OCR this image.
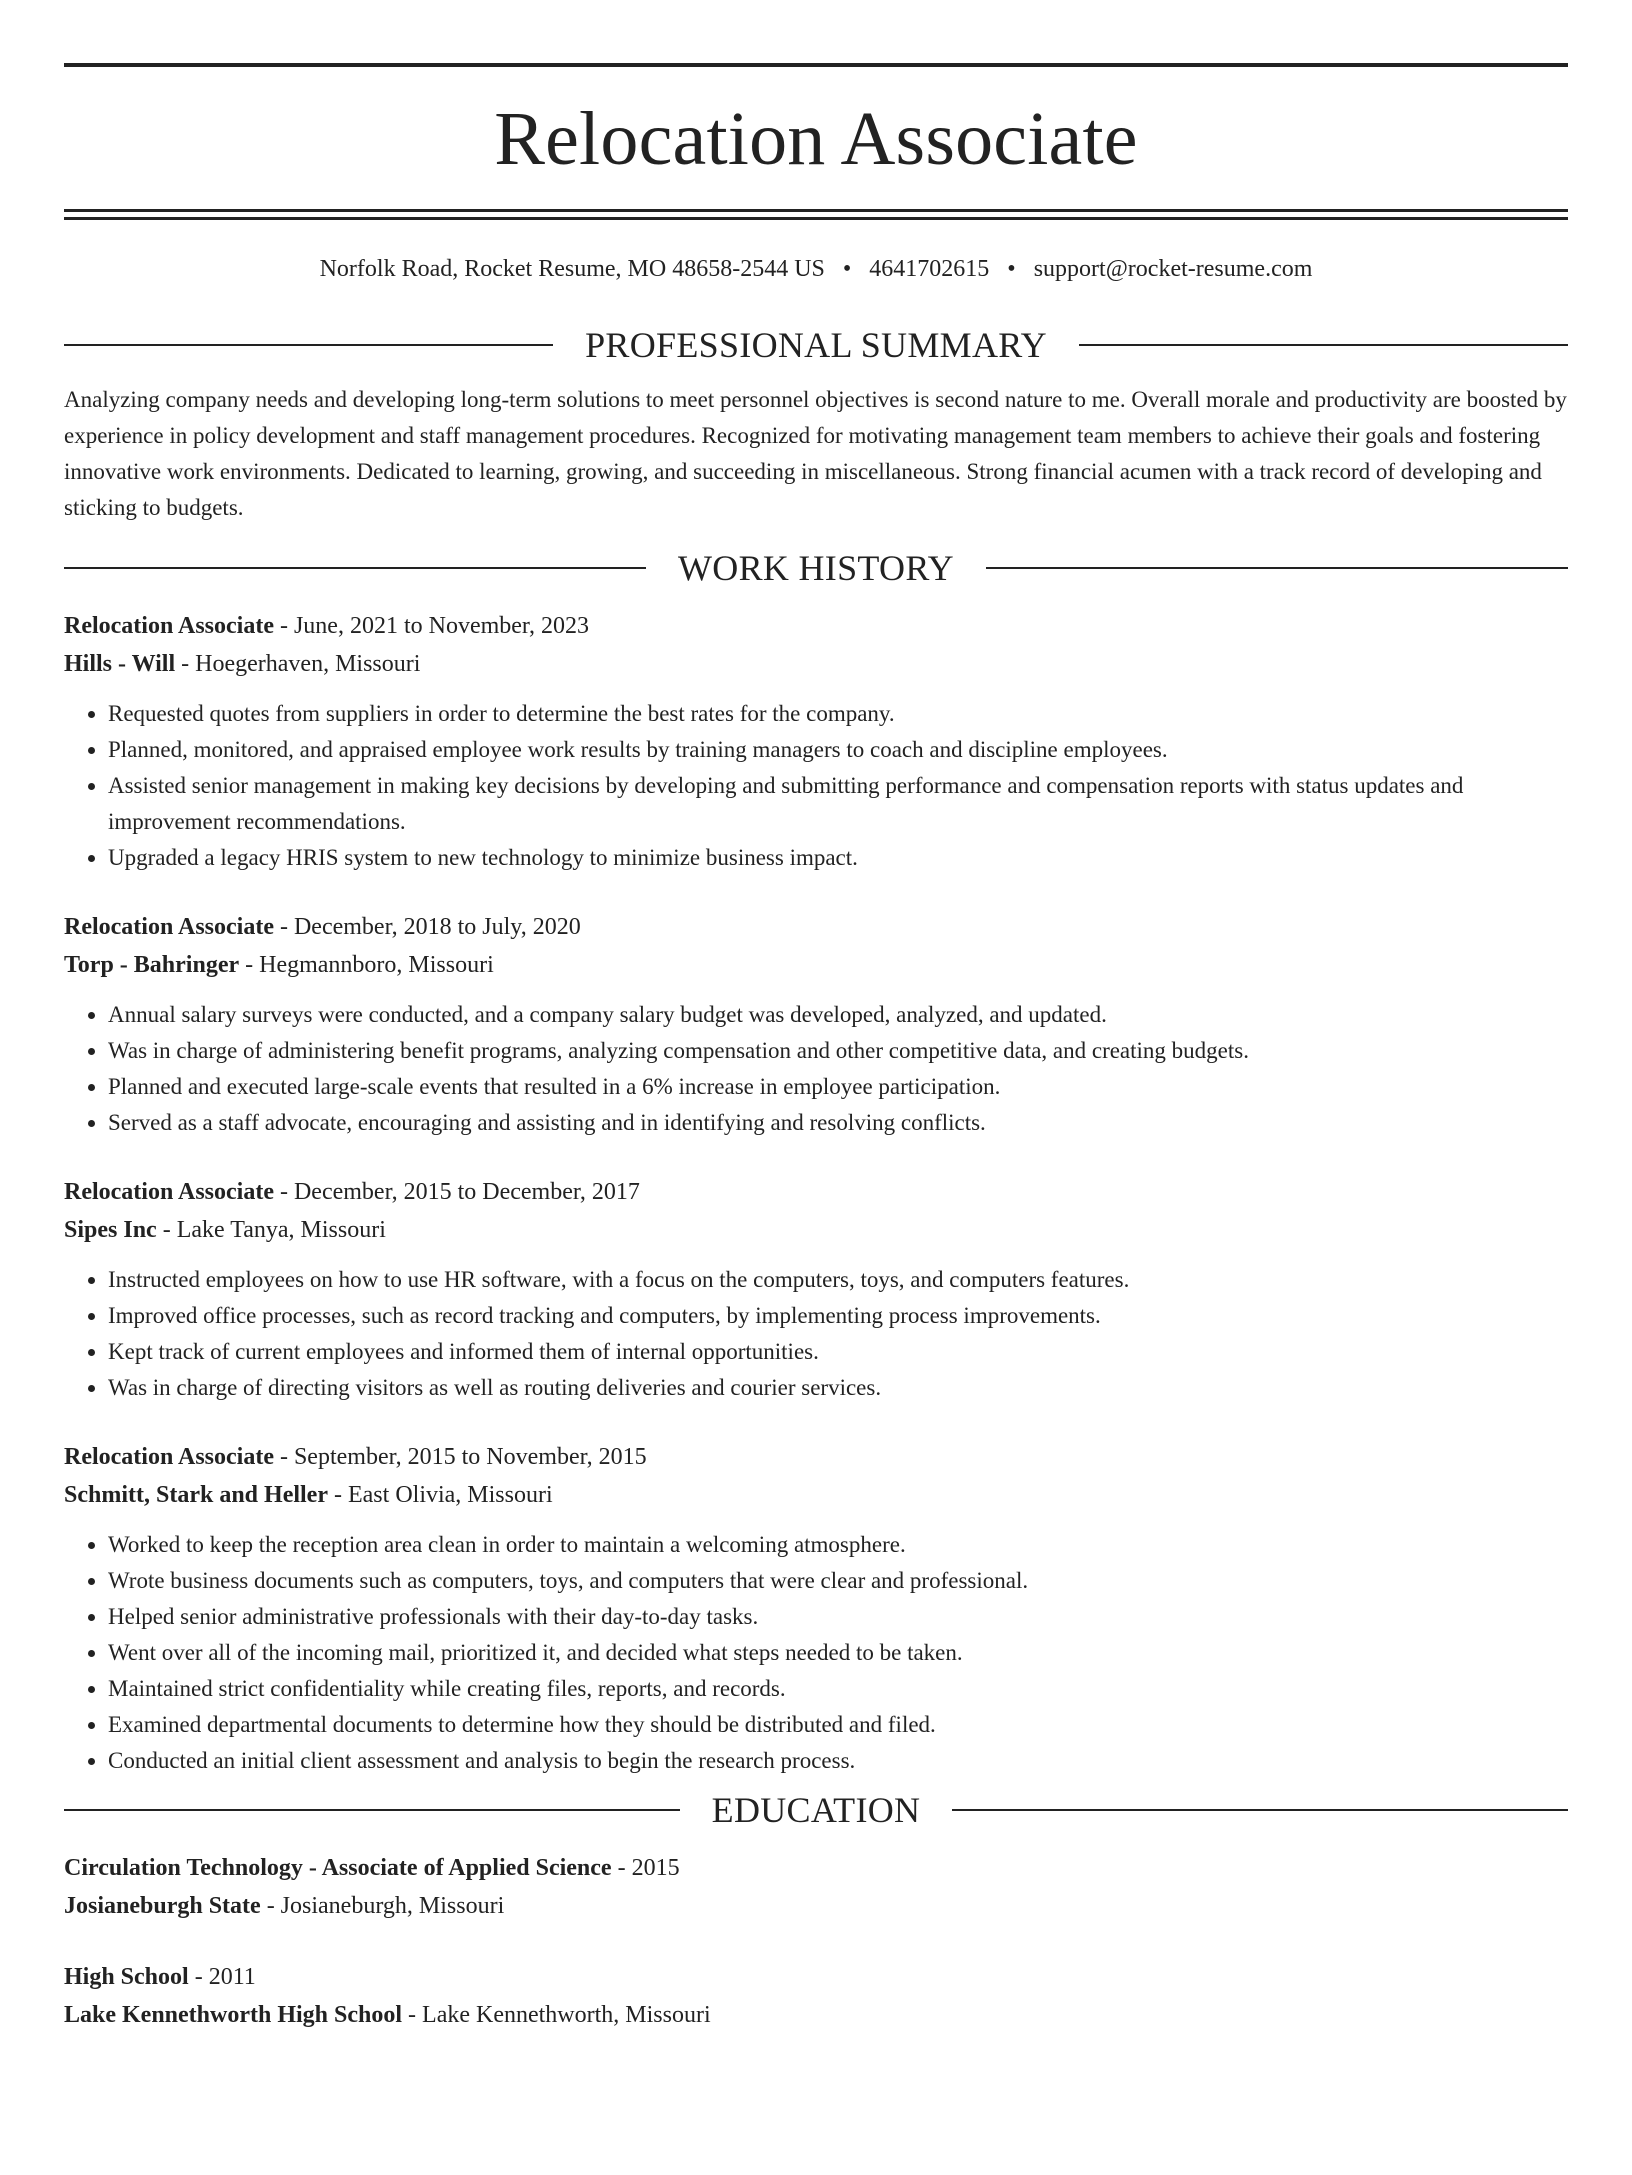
Relocation Associate
Norfolk Road, Rocket Resume, MO 48658-2544 US • 4641702615 • support@rocket-resume.com
PROFESSIONAL SUMMARY
Analyzing company needs and developing long-term solutions to meet personnel objectives is second nature to me. Overall morale and productivity are boosted by experience in policy development and staff management procedures. Recognized for motivating management team members to achieve their goals and fostering innovative work environments. Dedicated to learning, growing, and succeeding in miscellaneous. Strong financial acumen with a track record of developing and sticking to budgets.
WORK HISTORY
Relocation Associate - June, 2021 to November, 2023
Hills - Will - Hoegerhaven, Missouri
• Requested quotes from suppliers in order to determine the best rates for the company.
• Planned, monitored, and appraised employee work results by training managers to coach and discipline employees.
• Assisted senior management in making key decisions by developing and submitting performance and compensation reports with status updates and improvement recommendations.
• Upgraded a legacy HRIS system to new technology to minimize business impact.
Relocation Associate - December, 2018 to July, 2020
Torp - Bahringer - Hegmannboro, Missouri
• Annual salary surveys were conducted, and a company salary budget was developed, analyzed, and updated.
• Was in charge of administering benefit programs, analyzing compensation and other competitive data, and creating budgets.
• Planned and executed large-scale events that resulted in a 6% increase in employee participation.
• Served as a staff advocate, encouraging and assisting and in identifying and resolving conflicts.
Relocation Associate - December, 2015 to December, 2017
Sipes Inc - Lake Tanya, Missouri
• Instructed employees on how to use HR software, with a focus on the computers, toys, and computers features.
• Improved office processes, such as record tracking and computers, by implementing process improvements.
• Kept track of current employees and informed them of internal opportunities.
• Was in charge of directing visitors as well as routing deliveries and courier services.
Relocation Associate - September, 2015 to November, 2015
Schmitt, Stark and Heller - East Olivia, Missouri
• Worked to keep the reception area clean in order to maintain a welcoming atmosphere.
• Wrote business documents such as computers, toys, and computers that were clear and professional.
• Helped senior administrative professionals with their day-to-day tasks.
• Went over all of the incoming mail, prioritized it, and decided what steps needed to be taken.
• Maintained strict confidentiality while creating files, reports, and records.
• Examined departmental documents to determine how they should be distributed and filed.
• Conducted an initial client assessment and analysis to begin the research process.
EDUCATION
Circulation Technology - Associate of Applied Science - 2015
Josianeburgh State - Josianeburgh, Missouri
High School - 2011
Lake Kennethworth High School - Lake Kennethworth, Missouri
